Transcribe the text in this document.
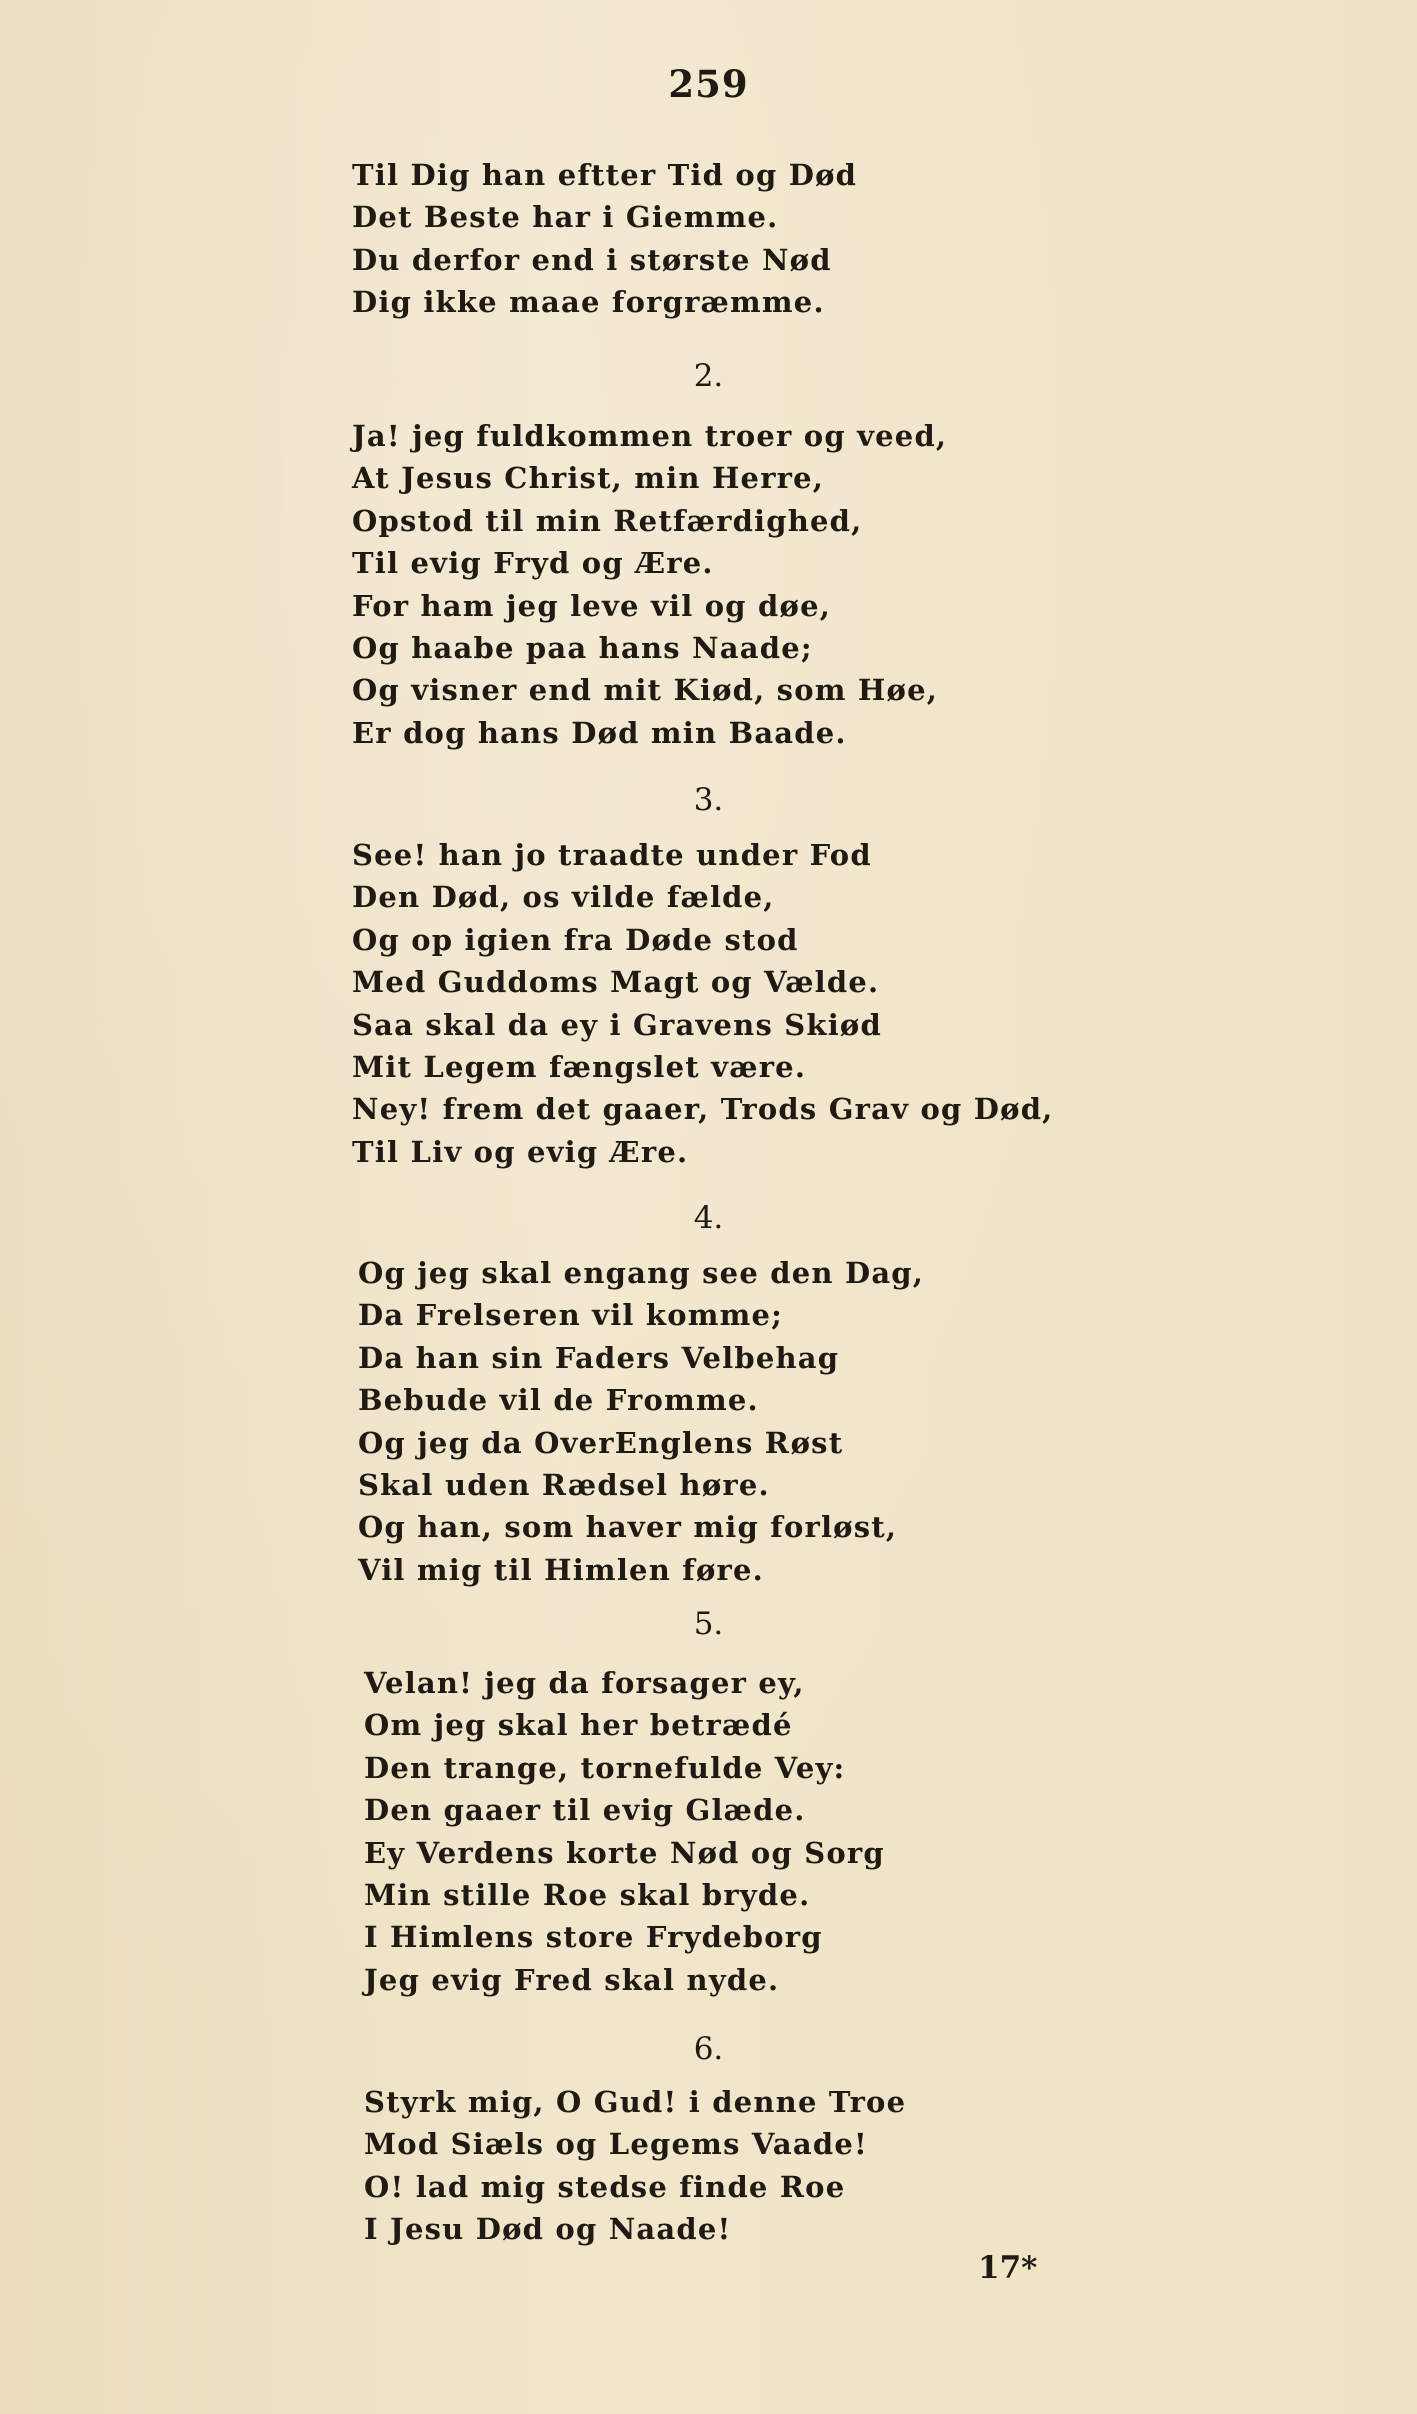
259
Til Dig han eftter Tid og Død
Det Beste har i Giemme.
Du derfor end i største Nød
Dig ikke maae forgræmme.
2.
Ja! jeg fuldkommen troer og veed,
At Jesus Christ, min Herre,
Opstod til min Retfærdighed,
Til evig Fryd og Ære.
For ham jeg leve vil og døe,
Og haabe paa hans Naade;
Og visner end mit Kiød, som Høe,
Er dog hans Død min Baade.
3.
See! han jo traadte under Fod
Den Død, os vilde fælde,
Og op igien fra Døde stod
Med Guddoms Magt og Vælde.
Saa skal da ey i Gravens Skiød
Mit Legem fængslet være.
Ney! frem det gaaer, Trods Grav og Død,
Til Liv og evig Ære.
4.
Og jeg skal engang see den Dag,
Da Frelseren vil komme;
Da han sin Faders Velbehag
Bebude vil de Fromme.
Og jeg da OverEnglens Røst
Skal uden Rædsel høre.
Og han, som haver mig forløst,
Vil mig til Himlen føre.
5.
Velan! jeg da forsager ey,
Om jeg skal her betrædé
Den trange, tornefulde Vey:
Den gaaer til evig Glæde.
Ey Verdens korte Nød og Sorg
Min stille Roe skal bryde.
I Himlens store Frydeborg
Jeg evig Fred skal nyde.
6.
Styrk mig, O Gud! i denne Troe
Mod Siæls og Legems Vaade!
O! lad mig stedse finde Roe
I Jesu Død og Naade!
17*
